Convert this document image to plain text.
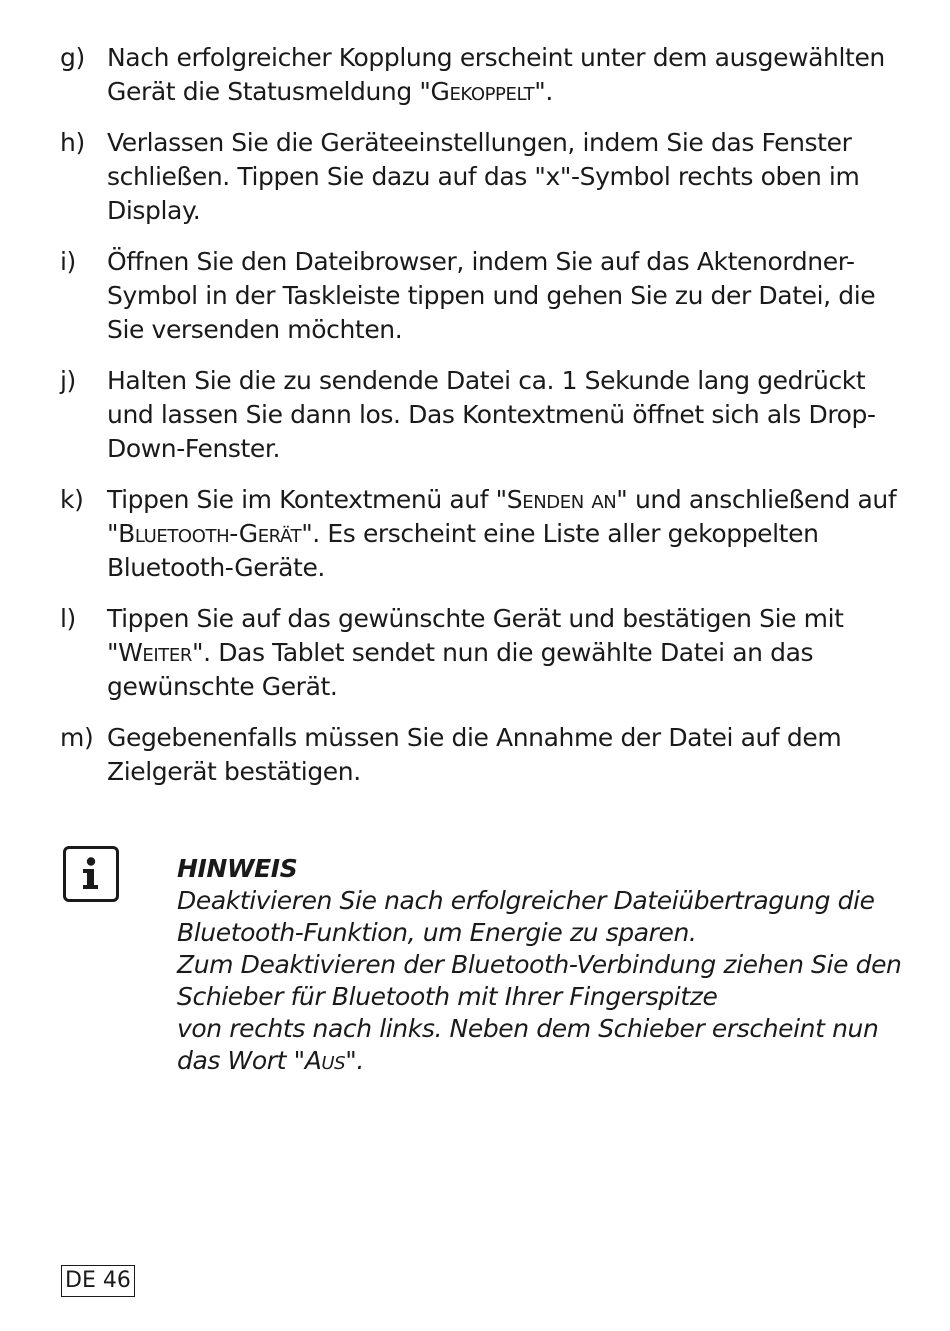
g) Nach erfolgreicher Kopplung erscheint unter dem ausgewählten Gerät die Statusmeldung "Gekoppelt".
h) Verlassen Sie die Geräteeinstellungen, indem Sie das Fenster schließen. Tippen Sie dazu auf das "x"-Symbol rechts oben im Display.
i)	Öffnen Sie den Dateibrowser, indem Sie auf das Aktenordner-Symbol in der Taskleiste tippen und gehen Sie zu der Datei, die Sie versenden möchten.
j)	Halten Sie die zu sendende Datei ca. 1 Sekunde lang gedrückt und lassen Sie dann los. Das Kontextmenü öffnet sich als Drop-Down-Fenster.
k) Tippen Sie im Kontextmenü auf "Senden an" und anschließend auf "Bluetooth-Gerät". Es erscheint eine Liste aller gekoppelten Bluetooth-Geräte.
l)	Tippen Sie auf das gewünschte Gerät und bestätigen Sie mit "Weiter". Das Tablet sendet nun die gewählte Datei an das gewünschte Gerät.
m) Gegebenenfalls müssen Sie die Annahme der Datei auf dem Zielgerät bestätigen.
HINWEIS
Deaktivieren Sie nach erfolgreicher Dateiübertragung die Bluetooth-Funktion, um Energie zu sparen.
Zum Deaktivieren der Bluetooth-Verbindung ziehen Sie den Schieber für Bluetooth mit Ihrer Fingerspitze
von rechts nach links. Neben dem Schieber erscheint nun das Wort "Aus".
DE 46
